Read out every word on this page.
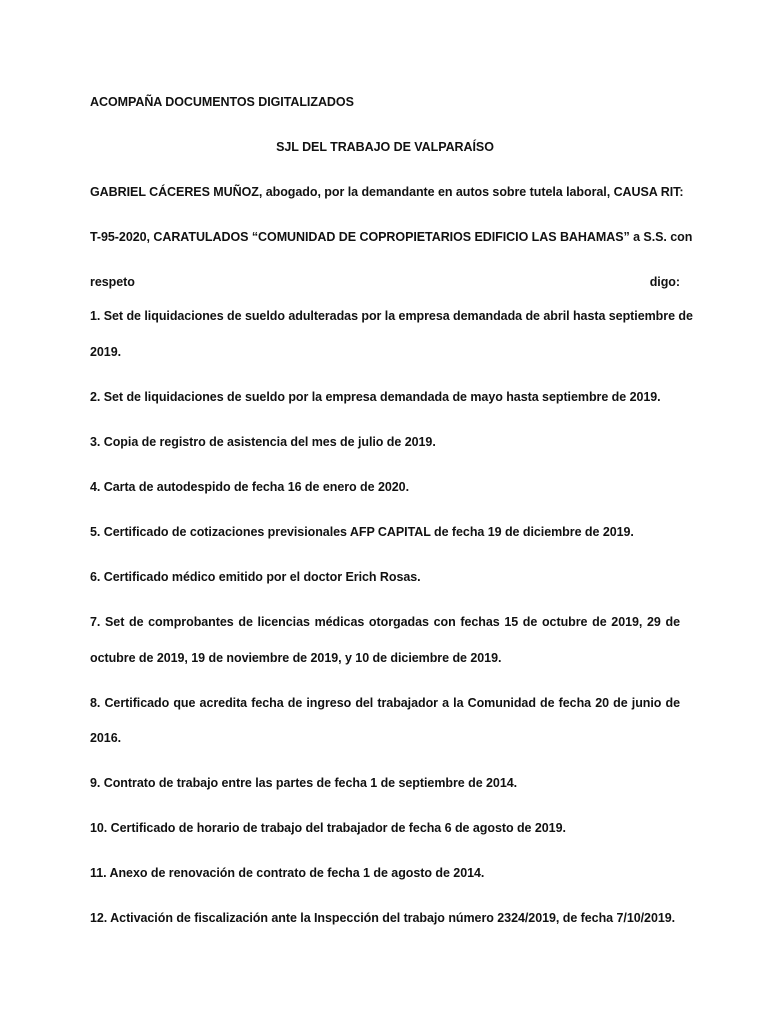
ACOMPAÑA DOCUMENTOS DIGITALIZADOS
SJL DEL TRABAJO DE VALPARAÍSO
GABRIEL CÁCERES MUÑOZ, abogado, por la demandante en autos sobre tutela laboral, CAUSA RIT:
T-95-2020, CARATULADOS “COMUNIDAD DE COPROPIETARIOS EDIFICIO LAS BAHAMAS” a S.S. con
respeto	digo:
1. Set de liquidaciones de sueldo adulteradas por la empresa demandada de abril hasta septiembre de
2019.
2. Set de liquidaciones de sueldo por la empresa demandada de mayo hasta septiembre de 2019.
3. Copia de registro de asistencia del mes de julio de 2019.
4. Carta de autodespido de fecha 16 de enero de 2020.
5. Certificado de cotizaciones previsionales AFP CAPITAL de fecha 19 de diciembre de 2019.
6. Certificado médico emitido por el doctor Erich Rosas.
7. Set de comprobantes de licencias médicas otorgadas con fechas 15 de octubre de 2019, 29 de
octubre de 2019, 19 de noviembre de 2019, y 10 de diciembre de 2019.
8. Certificado que acredita fecha de ingreso del trabajador a la Comunidad de fecha 20 de junio de
2016.
9. Contrato de trabajo entre las partes de fecha 1 de septiembre de 2014.
10. Certificado de horario de trabajo del trabajador de fecha 6 de agosto de 2019.
11. Anexo de renovación de contrato de fecha 1 de agosto de 2014.
12. Activación de fiscalización ante la Inspección del trabajo número 2324/2019, de fecha 7/10/2019.
